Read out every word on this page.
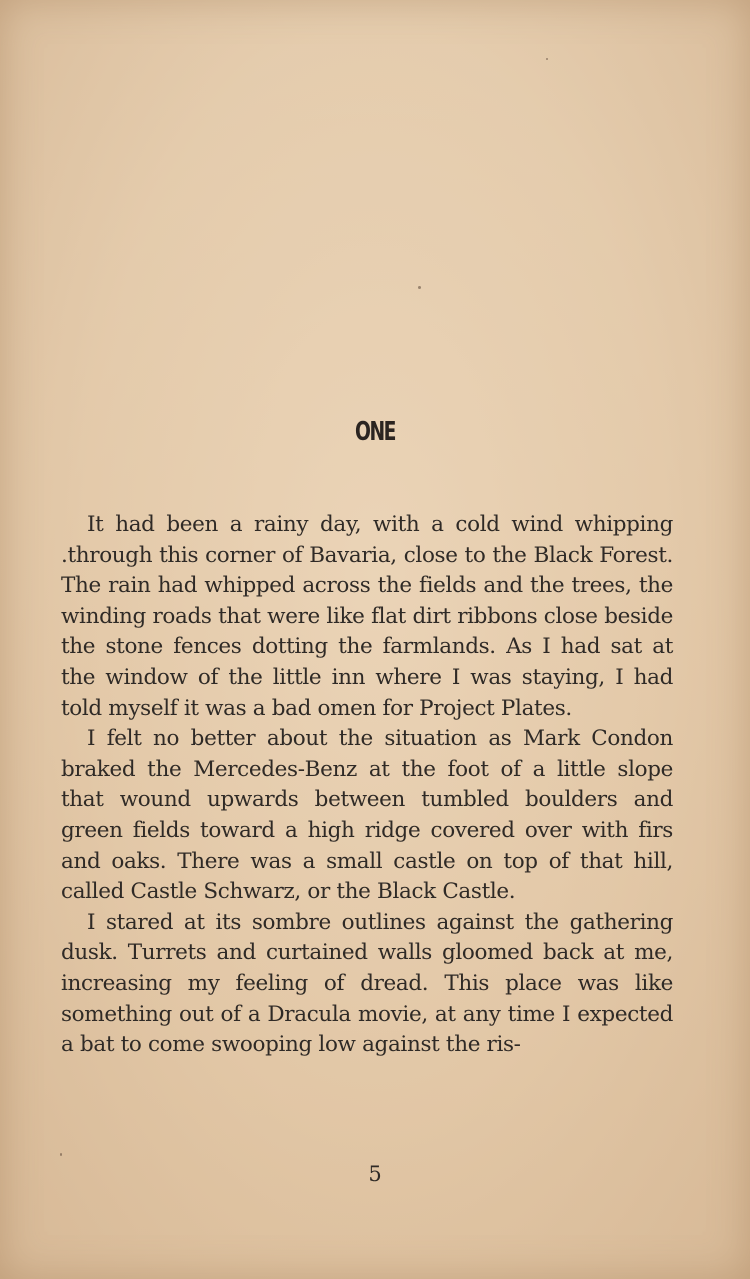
ONE

It had been a rainy day, with a cold wind whipping .through this corner of Bavaria, close to the Black Forest. The rain had whipped across the fields and the trees, the winding roads that were like flat dirt ribbons close beside the stone fences dotting the farmlands. As I had sat at the window of the little inn where I was staying, I had told myself it was a bad omen for Project Plates.

I felt no better about the situation as Mark Condon braked the Mercedes-Benz at the foot of a little slope that wound upwards between tumbled boulders and green fields toward a high ridge covered over with firs and oaks. There was a small castle on top of that hill, called Castle Schwarz, or the Black Castle.

I stared at its sombre outlines against the gathering dusk. Turrets and curtained walls gloomed back at me, increasing my feeling of dread. This place was like something out of a Dracula movie, at any time I expected a bat to come swooping low against the ris-

5
